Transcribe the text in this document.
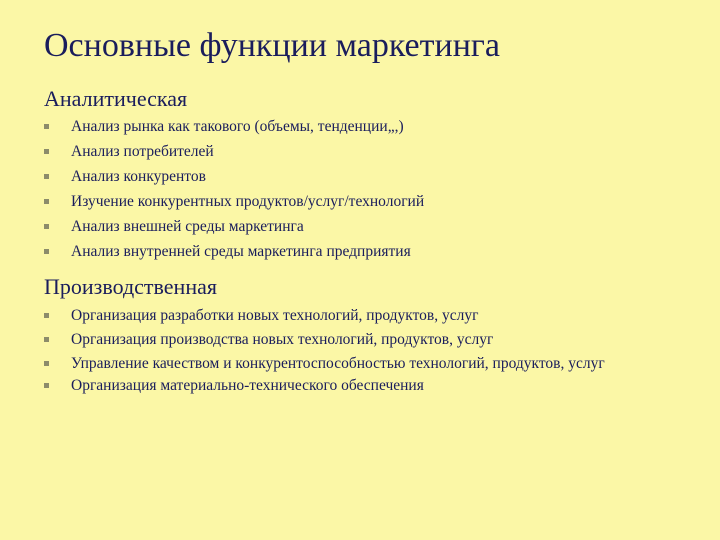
Основные функции маркетинга
Аналитическая
Анализ рынка как такового (объемы, тенденции„,)
Анализ потребителей
Анализ конкурентов
Изучение конкурентных продуктов/услуг/технологий
Анализ внешней среды маркетинга
Анализ внутренней среды маркетинга предприятия
Производственная
Организация разработки новых технологий, продуктов, услуг
Организация производства новых технологий, продуктов, услуг
Управление качеством и конкурентоспособностью технологий, продуктов, услуг
Организация материально-технического обеспечения
